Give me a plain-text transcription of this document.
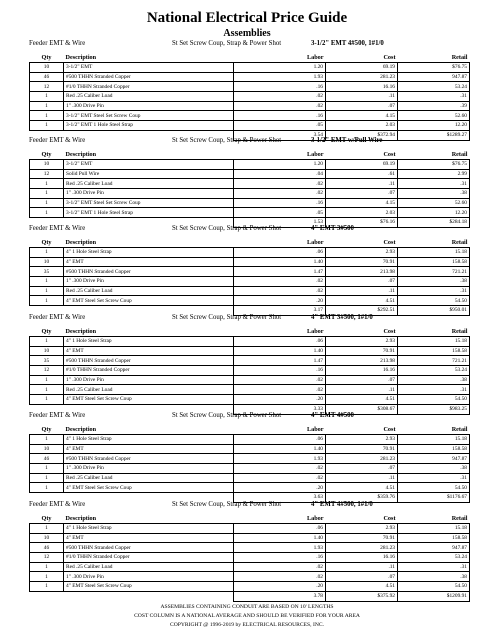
National Electrical Price Guide
Assemblies
Feeder EMT & Wire	St Set Screw Coup, Strap & Power Shot	3-1/2" EMT 4#500, 1#1/0
Qty	Description	Labor	Cost	Retail
10	3-1/2" EMT	1.20	69.19	$76.75
46	#500 THHN Stranded Copper	1.93	281.23	947.87
12	#1/0 THHN Stranded Copper	.16	16.16	53.24
1	Red .25 Caliber Load	.02	.11	.31
1	1" .300 Drive Pin	.02	.07	.39
1	3-1/2" EMT Steel Set Screw Coup	.16	4.15	52.60
1	3-1/2" EMT 1 Hole Steel Strap	.05	2.03	12.20
		3.54	$372.94	$1289.27
Feeder EMT & Wire	St Set Screw Coup, Strap & Power Shot	3-1/2" EMT w/Pull Wire
Qty	Description	Labor	Cost	Retail
10	3-1/2" EMT	1.20	69.19	$76.75
12	Solid Pull Wire	.04	.61	2.99
1	Red .25 Caliber Load	.02	.11	.31
1	1" .300 Drive Pin	.02	.07	.38
1	3-1/2" EMT Steel Set Screw Coup	.16	4.15	52.60
1	3-1/2" EMT 1 Hole Steel Strap	.05	2.03	12.20
		1.53	$76.16	$284.18
Feeder EMT & Wire	St Set Screw Coup, Strap & Power Shot	4" EMT 3#500
Qty	Description	Labor	Cost	Retail
1	4" 1 Hole Steel Strap	.06	2.93	15.18
10	4" EMT	1.40	70.91	158.58
35	#500 THHN Stranded Copper	1.47	213.98	721.21
1	1" .300 Drive Pin	.02	.07	.38
1	Red .25 Caliber Load	.02	.11	.31
1	4" EMT Steel Set Screw Coup	.20	4.51	54.50
		3.17	$292.51	$950.01
Feeder EMT & Wire	St Set Screw Coup, Strap & Power Shot	4" EMT 3#500, 1#1/0
Qty	Description	Labor	Cost	Retail
1	4" 1 Hole Steel Strap	.06	2.93	15.18
10	4" EMT	1.40	70.91	158.58
35	#500 THHN Stranded Copper	1.47	213.98	721.21
12	#1/0 THHN Stranded Copper	.16	16.16	53.24
1	1" .300 Drive Pin	.02	.07	.38
1	Red .25 Caliber Load	.02	.11	.31
1	4" EMT Steel Set Screw Coup	.20	4.51	54.50
		3.33	$308.67	$983.25
Feeder EMT & Wire	St Set Screw Coup, Strap & Power Shot	4" EMT 4#500
Qty	Description	Labor	Cost	Retail
1	4" 1 Hole Steel Strap	.06	2.93	15.18
10	4" EMT	1.40	70.91	158.58
46	#500 THHN Stranded Copper	1.93	281.23	947.87
1	1" .300 Drive Pin	.02	.07	.38
1	Red .25 Caliber Load	.02	.11	.31
1	4" EMT Steel Set Screw Coup	.20	4.51	54.50
		3.63	$359.76	$1176.67
Feeder EMT & Wire	St Set Screw Coup, Strap & Power Shot	4" EMT 4#500, 1#1/0
Qty	Description	Labor	Cost	Retail
1	4" 1 Hole Steel Strap	.06	2.93	15.18
10	4" EMT	1.40	70.91	158.58
46	#500 THHN Stranded Copper	1.93	281.23	947.87
12	#1/0 THHN Stranded Copper	.16	16.16	53.24
1	Red .25 Caliber Load	.02	.11	.31
1	1" .300 Drive Pin	.02	.07	.38
1	4" EMT Steel Set Screw Coup	.20	4.51	54.50
		3.78	$375.92	$1209.91
ASSEMBLIES CONTAINING CONDUIT ARE BASED ON 10' LENGTHS
COST COLUMN IS A NATIONAL AVERAGE AND SHOULD BE VERIFIED FOR YOUR AREA
COPYRIGHT @ 1996-2019 by ELECTRICAL RESOURCES, INC.
